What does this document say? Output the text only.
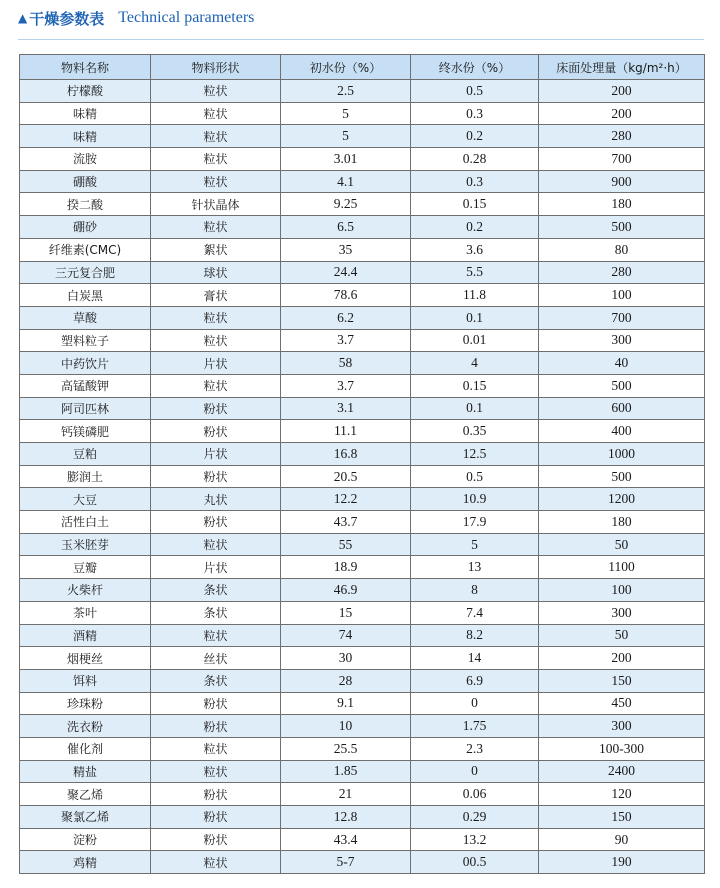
▲ 干燥参数表 Technical parameters
物料名称	物料形状	初水份（%）	终水份（%）	床面处理量（kg/m²·h）
柠檬酸	粒状	2.5	0.5	200
味精	粒状	5	0.3	200
味精	粒状	5	0.2	280
流胺	粒状	3.01	0.28	700
硼酸	粒状	4.1	0.3	900
揆二酸	针状晶体	9.25	0.15	180
硼砂	粒状	6.5	0.2	500
纤维素(CMC)	絮状	35	3.6	80
三元复合肥	球状	24.4	5.5	280
白炭黑	膏状	78.6	11.8	100
草酸	粒状	6.2	0.1	700
塑料粒子	粒状	3.7	0.01	300
中药饮片	片状	58	4	40
高锰酸钾	粒状	3.7	0.15	500
阿司匹林	粉状	3.1	0.1	600
钙镁磷肥	粉状	11.1	0.35	400
豆粕	片状	16.8	12.5	1000
膨润土	粉状	20.5	0.5	500
大豆	丸状	12.2	10.9	1200
活性白土	粉状	43.7	17.9	180
玉米胚芽	粒状	55	5	50
豆瓣	片状	18.9	13	1100
火柴杆	条状	46.9	8	100
茶叶	条状	15	7.4	300
酒精	粒状	74	8.2	50
烟梗丝	丝状	30	14	200
饵料	条状	28	6.9	150
珍珠粉	粉状	9.1	0	450
洗衣粉	粉状	10	1.75	300
催化剂	粒状	25.5	2.3	100-300
精盐	粒状	1.85	0	2400
聚乙烯	粉状	21	0.06	120
聚氯乙烯	粉状	12.8	0.29	150
淀粉	粉状	43.4	13.2	90
鸡精	粒状	5-7	00.5	190
